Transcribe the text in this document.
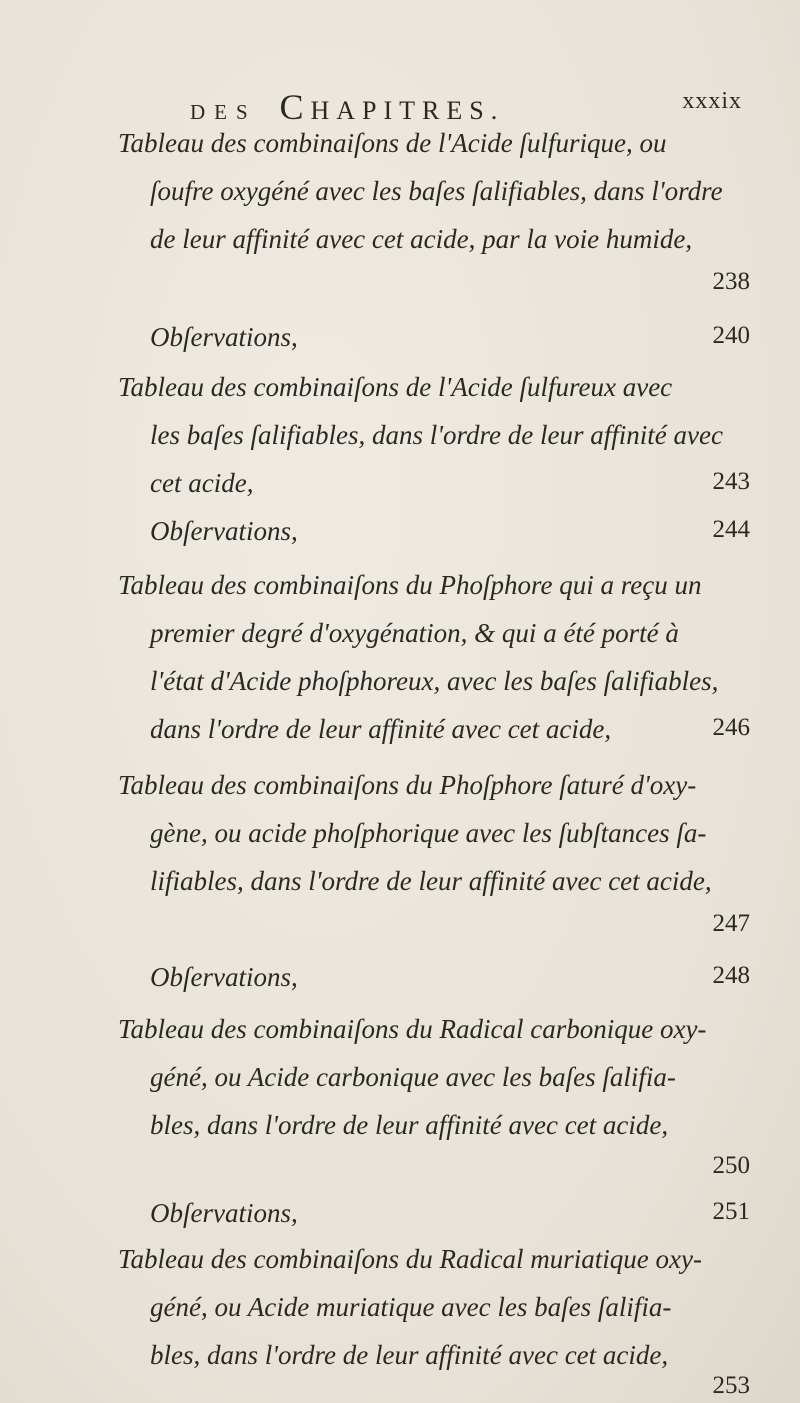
DES CHAPITRES.	xxxix
Tableau des combinaiſons de l'Acide ſulfurique, ou
ſoufre oxygéné avec les baſes ſalifiables, dans l'ordre
de leur affinité avec cet acide, par la voie humide,
238
Obſervations,	240
Tableau des combinaiſons de l'Acide ſulfureux avec
les baſes ſalifiables, dans l'ordre de leur affinité avec
cet acide,	243
Obſervations,	244
Tableau des combinaiſons du Phoſphore qui a reçu un
premier degré d'oxygénation, & qui a été porté à
l'état d'Acide phoſphoreux, avec les baſes ſalifiables,
dans l'ordre de leur affinité avec cet acide,	246
Tableau des combinaiſons du Phoſphore ſaturé d'oxy-
gène, ou acide phoſphorique avec les ſubſtances ſa-
lifiables, dans l'ordre de leur affinité avec cet acide,
247
Obſervations,	248
Tableau des combinaiſons du Radical carbonique oxy-
géné, ou Acide carbonique avec les baſes ſalifia-
bles, dans l'ordre de leur affinité avec cet acide,
250
Obſervations,	251
Tableau des combinaiſons du Radical muriatique oxy-
géné, ou Acide muriatique avec les baſes ſalifia-
bles, dans l'ordre de leur affinité avec cet acide,
253
